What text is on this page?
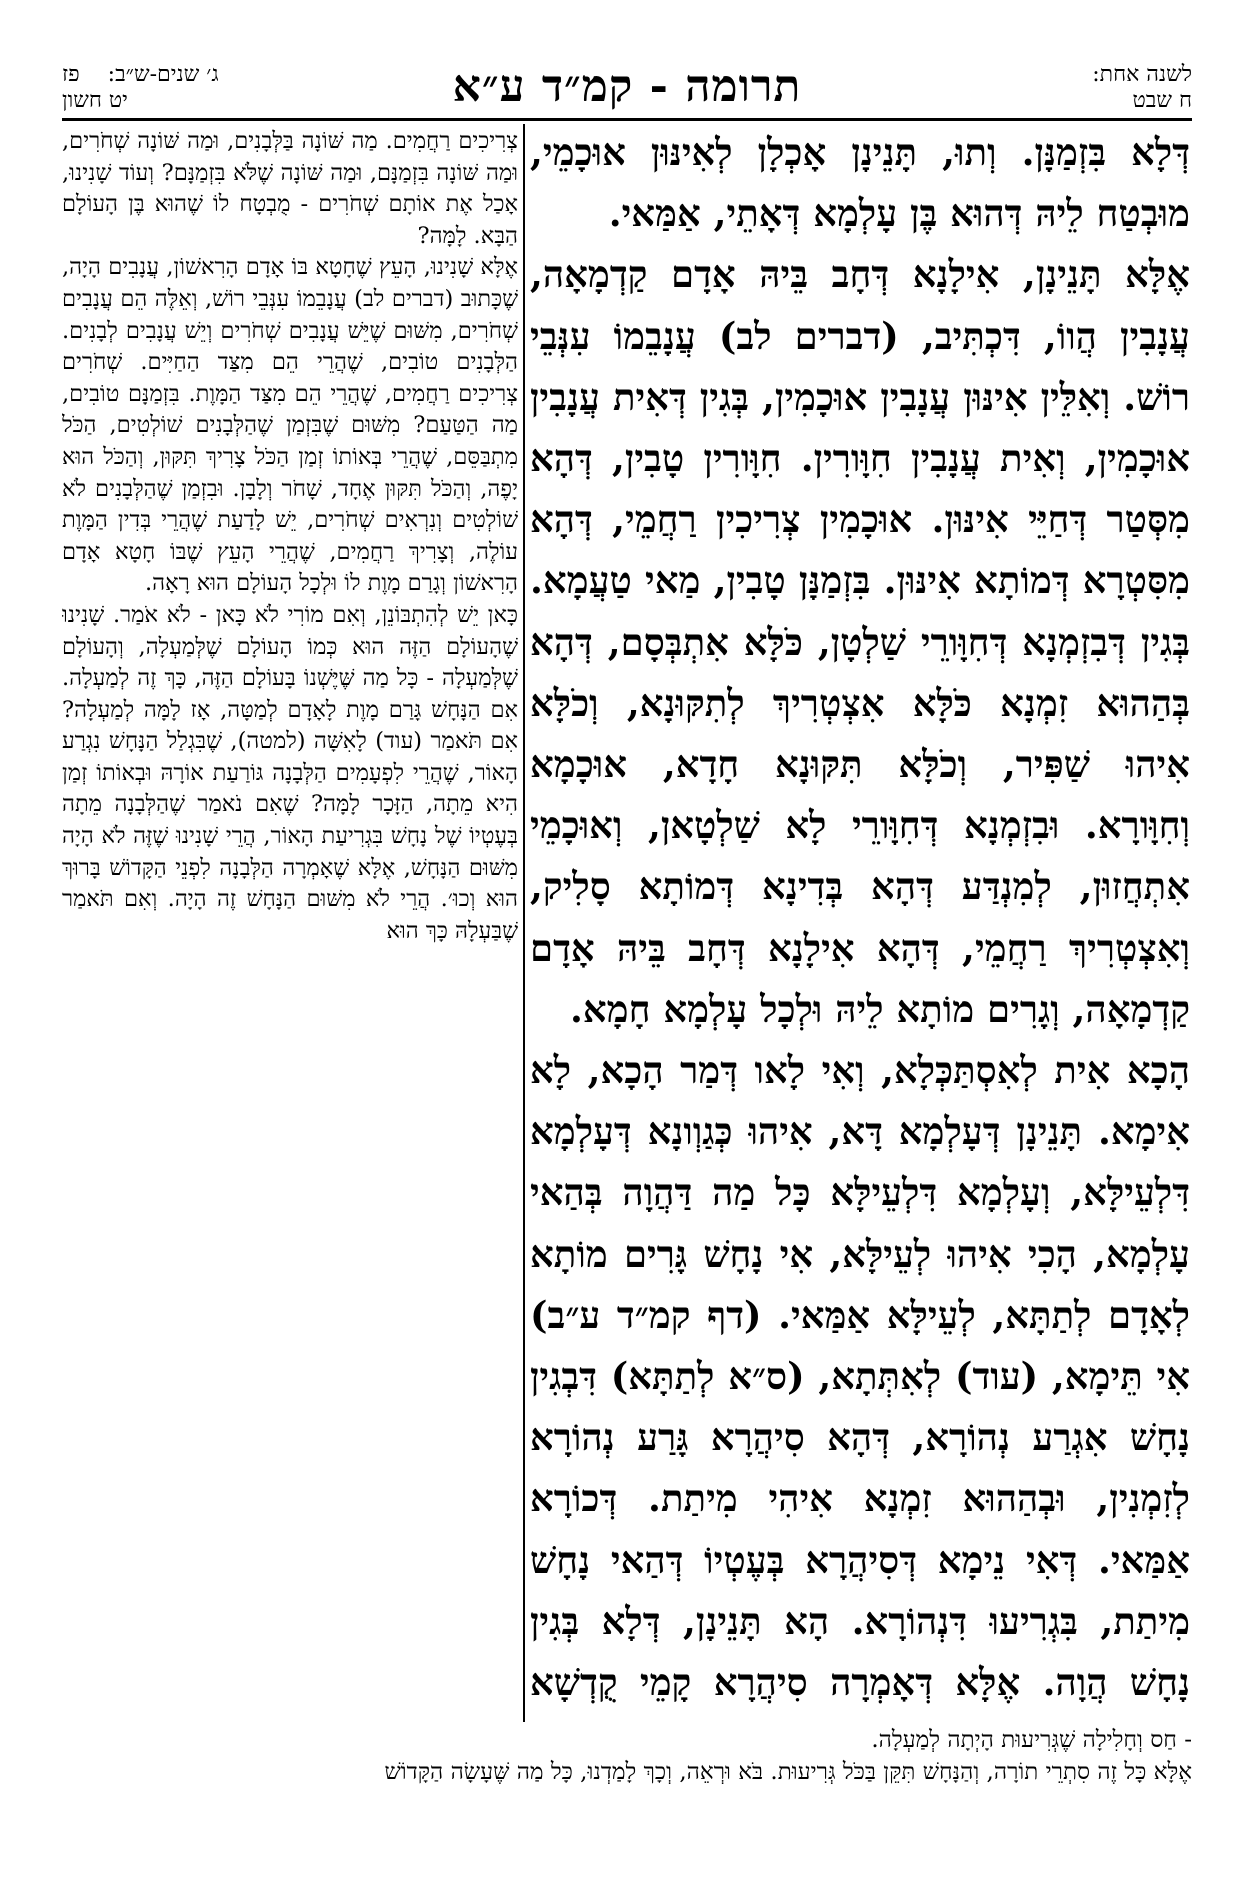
לשנה אחת:
ח שבט
תרומה - קמ״ד ע״א
ג׳ שנים-ש״ב:
פז
יט חשון

דְּלָא בִּזְמַנָּן. וְתוּ, תָּנֵינָן אָכְלָן לְאִינּוּן אוּכָמֵי, מוּבְטַח לֵיהּ דְּהוּא בֶּן עָלְמָא דְּאָתֵי, אַמַּאי.

אֶלָּא תָּנֵינָן, אִילָנָא דְּחָב בֵּיהּ אָדָם קַדְמָאָה, עֲנָבִין הֲווֹ, דִּכְתִּיב, (דברים לב) עֲנָבֵמוֹ עִנְּבֵי רוֹשׁ. וְאִלֵּין אִינּוּן עֲנָבִין אוּכָמִין, בְּגִין דְּאִית עֲנָבִין אוּכָמִין, וְאִית עֲנָבִין חִוָּורִין. חִוָּורִין טָבִין, דְּהָא מִסְּטַר דְּחַיֵּי אִינּוּן. אוּכָמִין צְרִיכִין רַחֲמֵי, דְּהָא מִסִּטְרָא דְּמוֹתָא אִינּוּן. בִּזְמַנָּן טָבִין, מַאי טַעֲמָא. בְּגִין דְּבִזְמְנָא דְּחִוָּורֵי שַׁלְטָן, כֹּלָּא אִתְבְּסָם, דְּהָא בְּהַהוּא זִמְנָא כֹּלָּא אִצְטְרִיךְ לְתִקּוּנָא, וְכֹלָּא אִיהוּ שַׁפִּיר, וְכֹלָּא תִּקּוּנָא חָדָא, אוּכָמָא וְחִוָּורָא. וּבִזְמְנָא דְּחִוָּורֵי לָא שַׁלְטָאן, וְאוּכָמֵי אִתְחֲזוּן, לְמִנְדַּע דְּהָא בְּדִינָא דְּמוֹתָא סָלִיק, וְאִצְטְרִיךְ רַחֲמֵי, דְּהָא אִילָנָא דְּחָב בֵּיהּ אָדָם קַדְמָאָה, וְגָרִים מוֹתָא לֵיהּ וּלְכָל עָלְמָא חָמָא.

הָכָא אִית לְאִסְתַּכְּלָא, וְאִי לָאו דְּמַר הָכָא, לָא אִימָא. תָּנֵינָן דְּעָלְמָא דָּא, אִיהוּ כְּגַוְונָא דְּעָלְמָא דִּלְעֵילָּא, וְעָלְמָא דִּלְעֵילָּא כָּל מַה דַּהֲוָה בְּהַאי עָלְמָא, הָכִי אִיהוּ לְעֵילָּא, אִי נָחָשׁ גָּרִים מוֹתָא לְאָדָם לְתַתָּא, לְעֵילָּא אַמַּאי. (דף קמ״ד ע״ב) אִי תֵּימָא, (עוד) לְאִתְּתָא, (ס״א לְתַתָּא) דִּבְגִין נָחָשׁ אִגְרַע נְהוֹרָא, דְּהָא סִיהֲרָא גָּרַע נְהוֹרָא לְזִמְנִין, וּבְהַהוּא זִמְנָא אִיהִי מִיתַת. דְּכוֹרָא אַמַּאי. דְּאִי נֵימָא דְּסִיהֲרָא בְּעֶטְיוֹ דְּהַאי נָחָשׁ מִיתַת, בִּגְרִיעוּ דִּנְהוֹרָא. הָא תָּנֵינָן, דְּלָא בְּגִין נָחָשׁ הֲוָה. אֶלָּא דְּאָמְרָה סִיהֲרָא קָמֵי קֻדְשָׁא

צְרִיכִים רַחֲמִים. מַה שּׁוֹנָה בַּלְּבָנִים, וּמַה שּׁוֹנָה שְׁחֹרִים, וּמַה שּׁוֹנָה בִּזְמַנָּם, וּמַה שּׁוֹנָה שֶׁלֹּא בִּזְמַנָּם? וְעוֹד שָׁנִינוּ, אָכַל אֶת אוֹתָם שְׁחֹרִים - מֻבְטָח לוֹ שֶׁהוּא בֶּן הָעוֹלָם הַבָּא. לָמָּה?

אֶלָּא שָׁנִינוּ, הָעֵץ שֶׁחָטָא בּוֹ אָדָם הָרִאשׁוֹן, עֲנָבִים הָיָה, שֶׁכָּתוּב (דברים לב) עֲנָבֵמוֹ עִנְּבֵי רוֹשׁ, וְאֵלֶּה הֵם עֲנָבִים שְׁחֹרִים, מִשּׁוּם שֶׁיֵּשׁ עֲנָבִים שְׁחֹרִים וְיֵשׁ עֲנָבִים לְבָנִים. הַלְּבָנִים טוֹבִים, שֶׁהֲרֵי הֵם מִצַּד הַחַיִּים. שְׁחֹרִים צְרִיכִים רַחֲמִים, שֶׁהֲרֵי הֵם מִצַּד הַמָּוֶת. בִּזְמַנָּם טוֹבִים, מַה הַטַּעַם? מִשּׁוּם שֶׁבִּזְמַן שֶׁהַלְּבָנִים שׁוֹלְטִים, הַכֹּל מִתְבַּסֵּם, שֶׁהֲרֵי בְּאוֹתוֹ זְמַן הַכֹּל צָרִיךְ תִּקּוּן, וְהַכֹּל הוּא יָפֶה, וְהַכֹּל תִּקּוּן אֶחָד, שָׁחֹר וְלָבָן. וּבִזְמַן שֶׁהַלְּבָנִים לֹא שׁוֹלְטִים וְנִרְאִים שְׁחֹרִים, יֵשׁ לָדַעַת שֶׁהֲרֵי בְּדִין הַמָּוֶת עוֹלֶה, וְצָרִיךְ רַחֲמִים, שֶׁהֲרֵי הָעֵץ שֶׁבּוֹ חָטָא אָדָם הָרִאשׁוֹן וְגָרַם מָוֶת לוֹ וּלְכָל הָעוֹלָם הוּא רָאָה.

כָּאן יֵשׁ לְהִתְבּוֹנֵן, וְאִם מוֹרִי לֹא כָּאן - לֹא אֹמַר. שָׁנִינוּ שֶׁהָעוֹלָם הַזֶּה הוּא כְּמוֹ הָעוֹלָם שֶׁלְּמַעְלָה, וְהָעוֹלָם שֶׁלְּמַעְלָה - כָּל מַה שֶּׁיֶּשְׁנוֹ בָּעוֹלָם הַזֶּה, כָּךְ זֶה לְמַעְלָה. אִם הַנָּחָשׁ גָּרַם מָוֶת לָאָדָם לְמַטָּה, אָז לָמָּה לְמַעְלָה? אִם תֹּאמַר (עוד) לָאִשָּׁה (למטה), שֶׁבִּגְלַל הַנָּחָשׁ נִגְרַע הָאוֹר, שֶׁהֲרֵי לִפְעָמִים הַלְּבָנָה גּוֹרַעַת אוֹרָהּ וּבְאוֹתוֹ זְמַן הִיא מֵתָה, הַזָּכָר לָמָּה? שֶׁאִם נֹאמַר שֶׁהַלְּבָנָה מֵתָה בְּעֶטְיוֹ שֶׁל נָחָשׁ בִּגְרִיעַת הָאוֹר, הֲרֵי שָׁנִינוּ שֶׁזֶּה לֹא הָיָה מִשּׁוּם הַנָּחָשׁ, אֶלָּא שֶׁאָמְרָה הַלְּבָנָה לִפְנֵי הַקָּדוֹשׁ בָּרוּךְ הוּא וְכוּ׳. הֲרֵי לֹא מִשּׁוּם הַנָּחָשׁ זֶה הָיָה. וְאִם תֹּאמַר שֶׁבַּעְלָהּ כָּךְ הוּא

- חַס וְחָלִילָה שֶׁגְּרִיעוּת הָיְתָה לְמַעְלָה.

אֶלָּא כָּל זֶה סִתְרֵי תוֹרָה, וְהַנָּחָשׁ תִּקֵּן בַּכֹּל גְּרִיעוּת. בֹּא וּרְאֵה, וְכָךְ לָמַדְנוּ, כָּל מַה שֶּׁעָשָׂה הַקָּדוֹשׁ
